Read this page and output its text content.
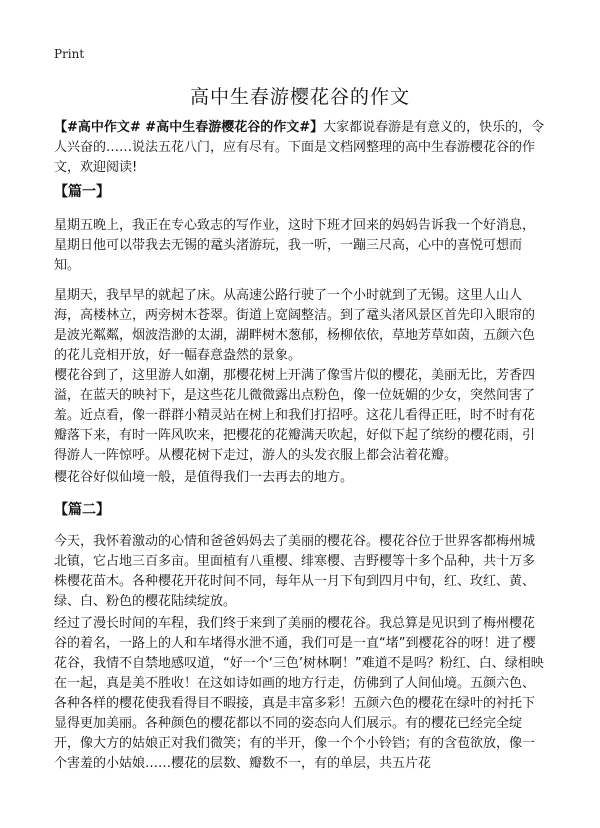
Print
高中生春游樱花谷的作文
【#高中作文# #高中生春游樱花谷的作文#】大家都说春游是有意义的，快乐的，令人兴奋的……说法五花八门，应有尽有。下面是文档网整理的高中生春游樱花谷的作文，欢迎阅读!
【篇一】
星期五晚上，我正在专心致志的写作业，这时下班才回来的妈妈告诉我一个好消息，星期日他可以带我去无锡的鼋头渚游玩，我一听，一蹦三尺高，心中的喜悦可想而知。
星期天，我早早的就起了床。从高速公路行驶了一个小时就到了无锡。这里人山人海，高楼林立，两旁树木苍翠。街道上宽阔整洁。到了鼋头渚风景区首先印入眼帘的是波光粼粼，烟波浩渺的太湖，湖畔树木葱郁，杨柳依依，草地芳草如茵，五颜六色的花儿竞相开放，好一幅春意盎然的景象。
樱花谷到了，这里游人如潮，那樱花树上开满了像雪片似的樱花，美丽无比，芳香四溢，在蓝天的映衬下，是这些花儿微微露出点粉色，像一位妩媚的少女，突然间害了羞。近点看，像一群群小精灵站在树上和我们打招呼。这花儿看得正旺，时不时有花瓣落下来，有时一阵风吹来，把樱花的花瓣满天吹起，好似下起了缤纷的樱花雨，引得游人一阵惊呼。从樱花树下走过，游人的头发衣服上都会沾着花瓣。
樱花谷好似仙境一般，是值得我们一去再去的地方。
【篇二】
今天，我怀着激动的心情和爸爸妈妈去了美丽的樱花谷。樱花谷位于世界客都梅州城北镇，它占地三百多亩。里面植有八重樱、绯寒樱、吉野樱等十多个品种，共十万多株樱花苗木。各种樱花开花时间不同，每年从一月下旬到四月中旬，红、玫红、黄、绿、白、粉色的樱花陆续绽放。
经过了漫长时间的车程，我们终于来到了美丽的樱花谷。我总算是见识到了梅州樱花谷的着名，一路上的人和车堵得水泄不通，我们可是一直“堵”到樱花谷的呀！进了樱花谷，我情不自禁地感叹道，“好一个‘三色’树林啊！”难道不是吗？粉红、白、绿相映在一起，真是美不胜收！在这如诗如画的地方行走，仿佛到了人间仙境。五颜六色、各种各样的樱花使我看得目不暇接，真是丰富多彩！五颜六色的樱花在绿叶的衬托下显得更加美丽。各种颜色的樱花都以不同的姿态向人们展示。有的樱花已经完全绽开，像大方的姑娘正对我们微笑；有的半开，像一个个小铃铛；有的含苞欲放，像一个害羞的小姑娘……樱花的层数、瓣数不一，有的单层，共五片花
